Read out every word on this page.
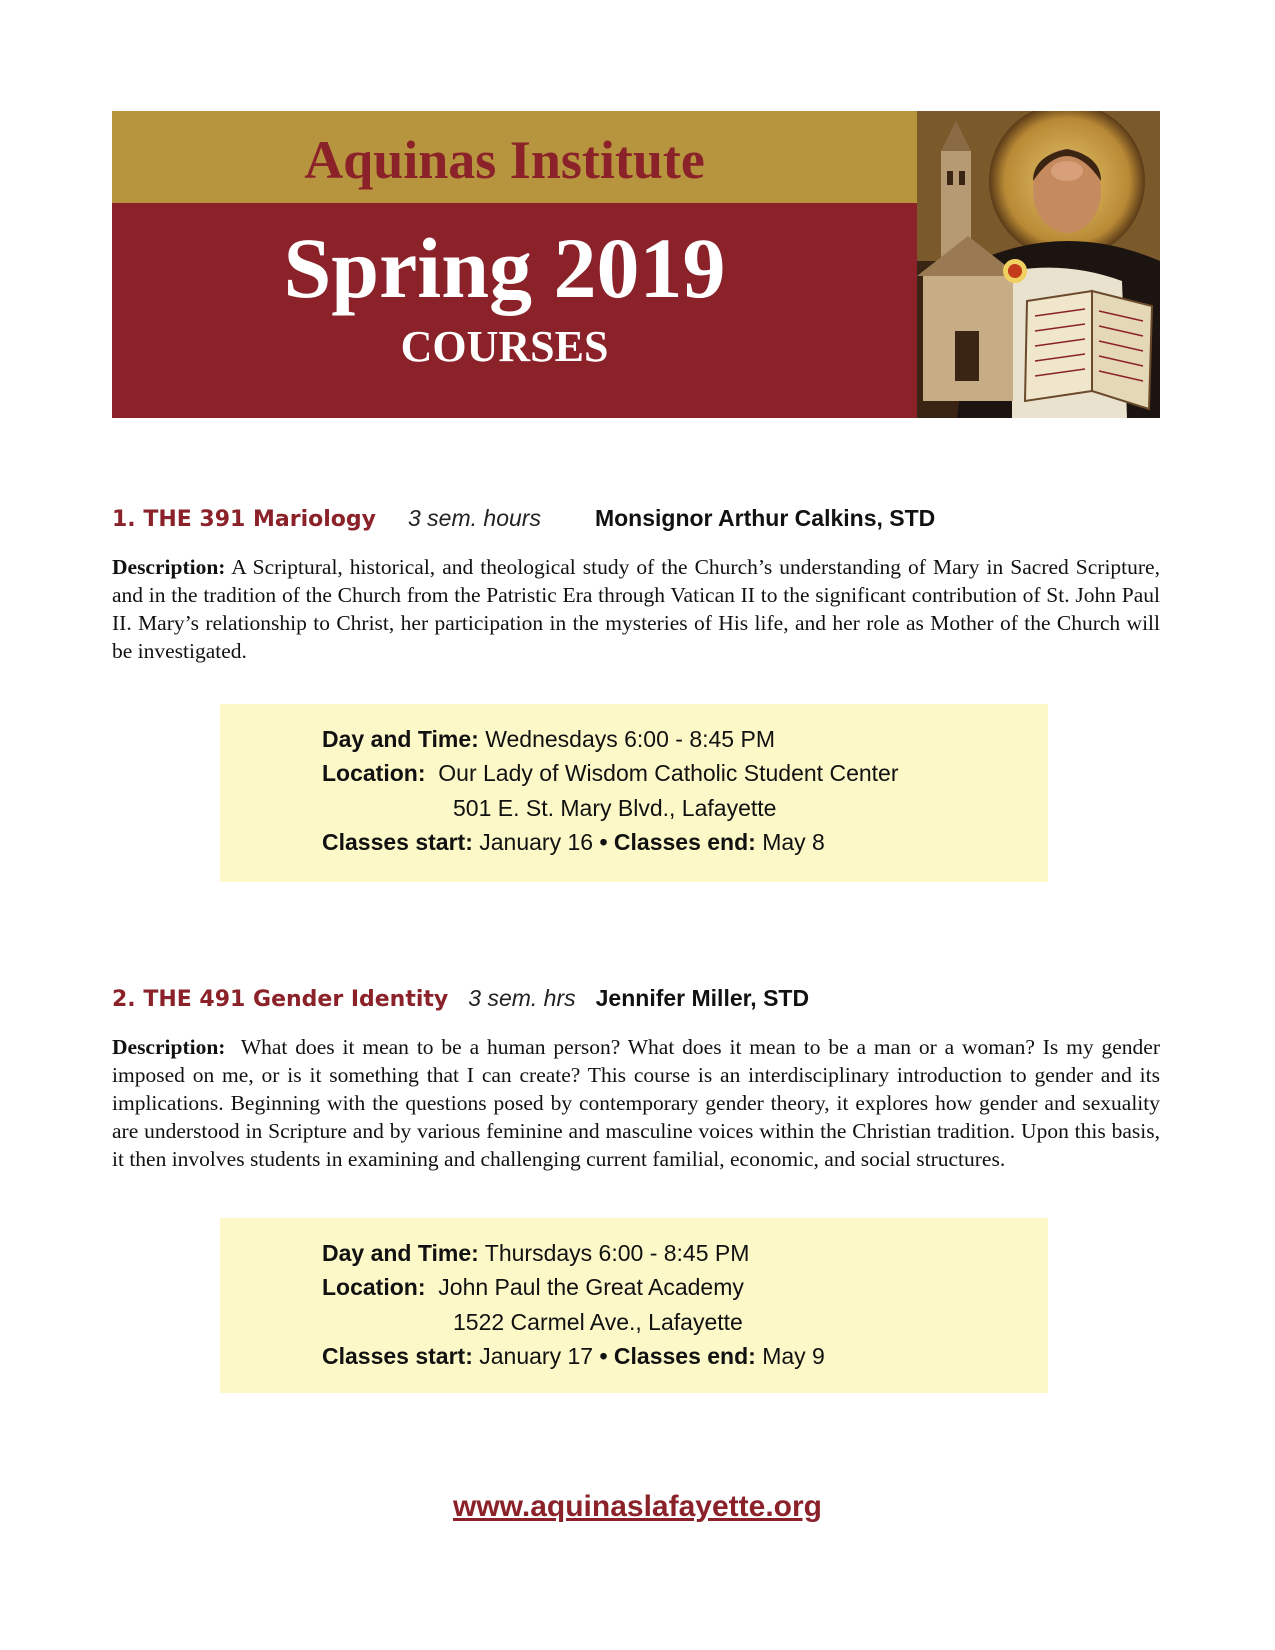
Aquinas Institute
Spring 2019
COURSES
1. THE 391 Mariology 3 sem. hours Monsignor Arthur Calkins, STD

Description: A Scriptural, historical, and theological study of the Church’s understanding of Mary in Sacred Scripture, and in the tradition of the Church from the Patristic Era through Vatican II to the significant contribution of St. John Paul II. Mary’s relationship to Christ, her participation in the mysteries of His life, and her role as Mother of the Church will be investigated.

Day and Time: Wednesdays 6:00 - 8:45 PM
Location: Our Lady of Wisdom Catholic Student Center
501 E. St. Mary Blvd., Lafayette
Classes start: January 16 • Classes end: May 8
2. THE 491 Gender Identity 3 sem. hrs Jennifer Miller, STD

Description: What does it mean to be a human person? What does it mean to be a man or a woman? Is my gender imposed on me, or is it something that I can create? This course is an interdisciplinary introduction to gender and its implications. Beginning with the questions posed by contemporary gender theory, it explores how gender and sexuality are understood in Scripture and by various feminine and masculine voices within the Christian tradition. Upon this basis, it then involves students in examining and challenging current familial, economic, and social structures.

Day and Time: Thursdays 6:00 - 8:45 PM
Location: John Paul the Great Academy
1522 Carmel Ave., Lafayette
Classes start: January 17 • Classes end: May 9
www.aquinaslafayette.org
